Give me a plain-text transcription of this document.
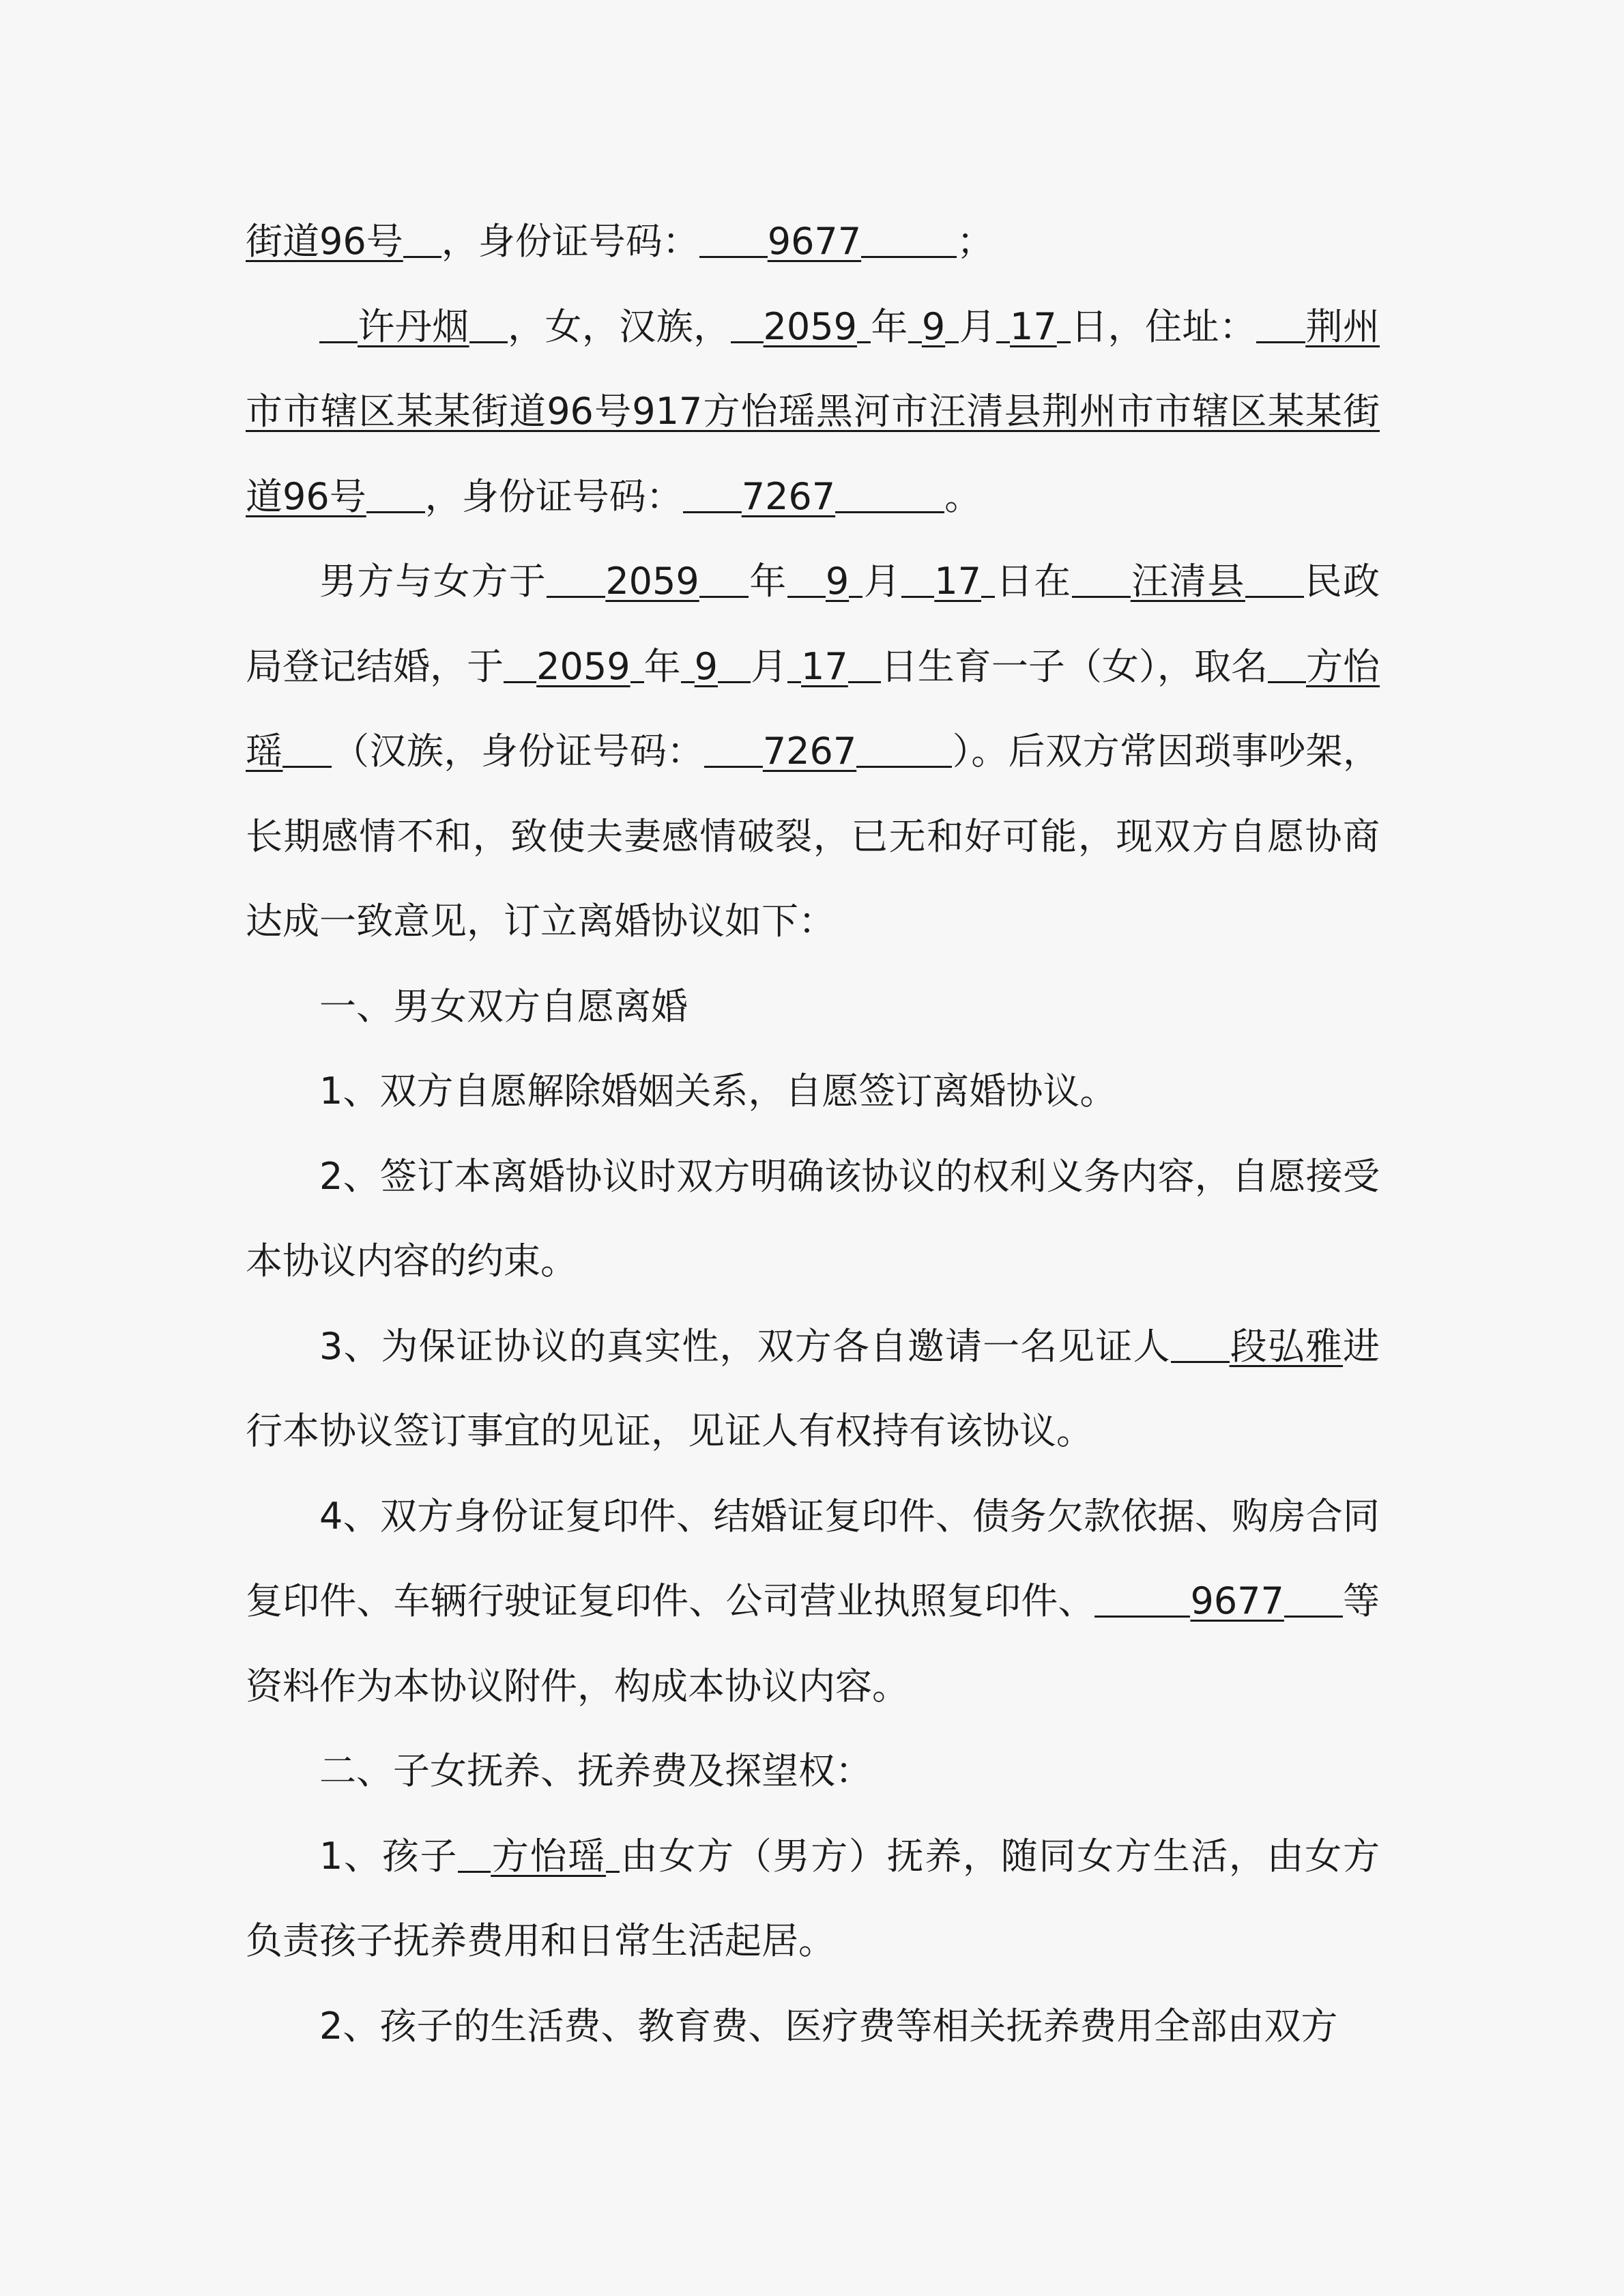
街道96号 ，身份证号码： 9677	；

许丹烟 ，女，汉族， 2059 年 9 月 17 日，住址： 荆州市市辖区某某街道96号917方怡瑶黑河市汪清县荆州市市辖区某某街道96号 ，身份证号码： 7267	。

男方与女方于 2059 年 9 月 17 日在 汪清县 民政局登记结婚，于 2059 年 9 月 17 日生育一子（女），取名 方怡瑶 （汉族，身份证号码： 7267	）。后双方常因琐事吵架，长期感情不和，致使夫妻感情破裂，已无和好可能，现双方自愿协商达成一致意见，订立离婚协议如下：

一、男女双方自愿离婚

1、双方自愿解除婚姻关系，自愿签订离婚协议。

2、签订本离婚协议时双方明确该协议的权利义务内容，自愿接受本协议内容的约束。

3、为保证协议的真实性，双方各自邀请一名见证人 段弘雅进行本协议签订事宜的见证，见证人有权持有该协议。

4、双方身份证复印件、结婚证复印件、债务欠款依据、购房合同复印件、车辆行驶证复印件、公司营业执照复印件、	9677 等资料作为本协议附件，构成本协议内容。

二、子女抚养、抚养费及探望权：

1、孩子 方怡瑶 由女方（男方）抚养，随同女方生活，由女方负责孩子抚养费用和日常生活起居。

2、孩子的生活费、教育费、医疗费等相关抚养费用全部由双方
